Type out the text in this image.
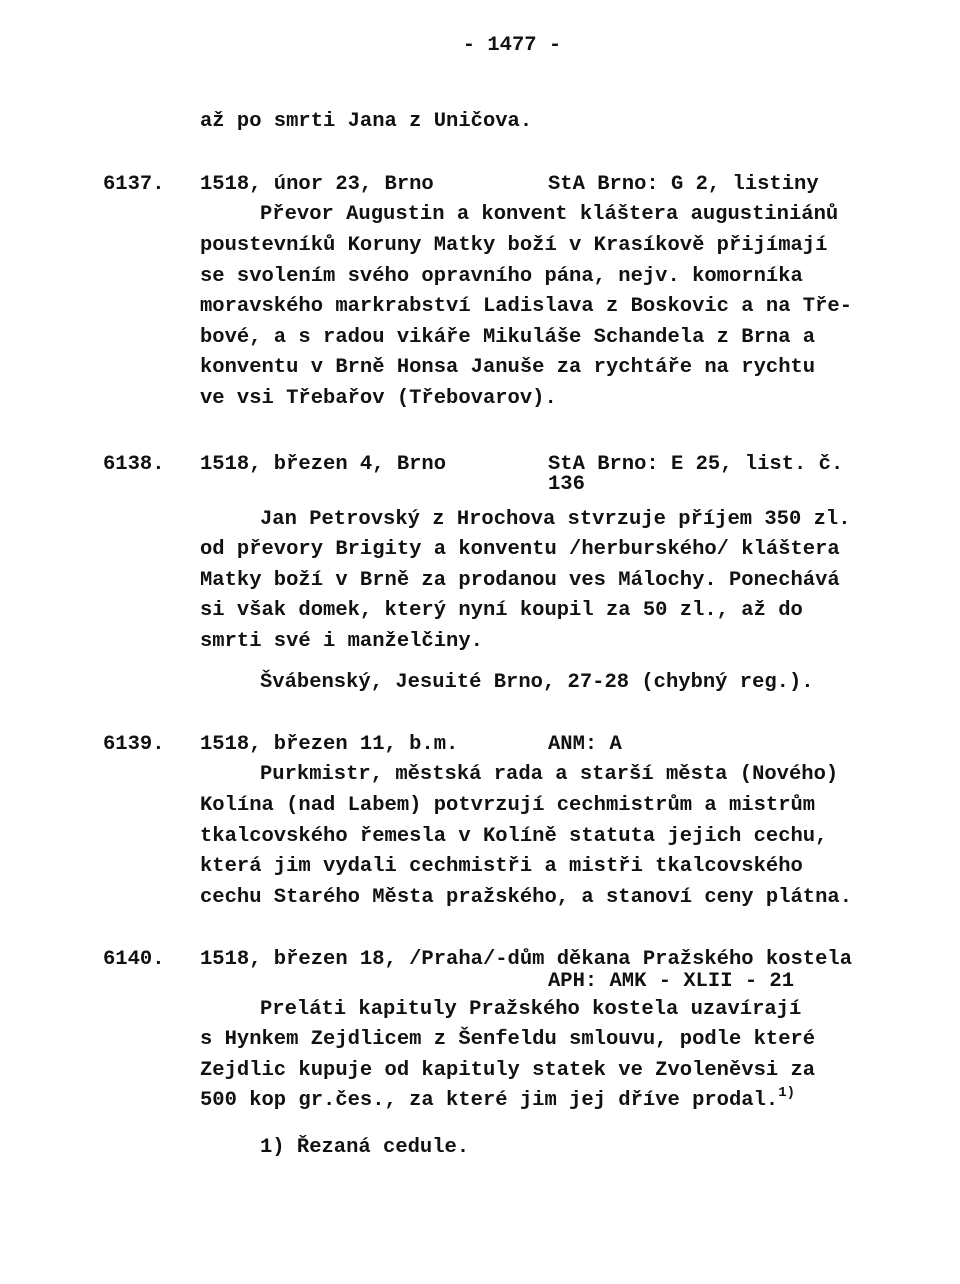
- 1477 -
až po smrti Jana z Uničova.
6137. 1518, únor 23, Brno	StA Brno: G 2, listiny
Převor Augustin a konvent kláštera augustiniánů
poustevníků Koruny Matky boží v Krasíkově přijímají
se svolením svého opravního pána, nejv. komorníka
moravského markrabství Ladislava z Boskovic a na Tře-
bové, a s radou vikáře Mikuláše Schandela z Brna a
konventu v Brně Honsa Januše za rychtáře na rychtu
ve vsi Třebařov (Třebovarov).
6138. 1518, březen 4, Brno	StA Brno: E 25, list. č.
136
Jan Petrovský z Hrochova stvrzuje příjem 350 zl.
od převory Brigity a konventu /herburského/ kláštera
Matky boží v Brně za prodanou ves Málochy. Ponechává
si však domek, který nyní koupil za 50 zl., až do
smrti své i manželčiny.
Švábenský, Jesuité Brno, 27-28 (chybný reg.).
6139. 1518, březen 11, b.m.	ANM: A
Purkmistr, městská rada a starší města (Nového)
Kolína (nad Labem) potvrzují cechmistrům a mistrům
tkalcovského řemesla v Kolíně statuta jejich cechu,
která jim vydali cechmistři a mistři tkalcovského
cechu Starého Města pražského, a stanoví ceny plátna.
6140. 1518, březen 18, /Praha/-dům děkana Pražského kostela
APH: AMK - XLII - 21
Preláti kapituly Pražského kostela uzavírají
s Hynkem Zejdlicem z Šenfeldu smlouvu, podle které
Zejdlic kupuje od kapituly statek ve Zvoleněvsi za
500 kop gr.čes., za které jim jej dříve prodal.$^{1)}$
1) Řezaná cedule.
